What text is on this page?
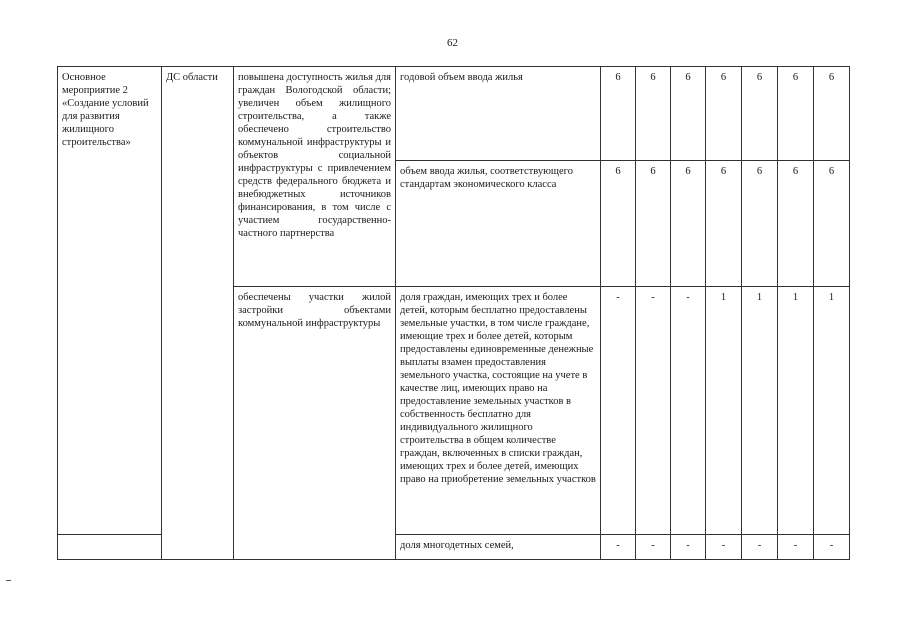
62
Основное мероприятие 2 «Создание условий для развития жилищного строительства»	ДС области	повышена доступность жилья для граждан Вологодской области; увеличен объем жилищного строительства, а также обеспечено строительство коммунальной инфраструктуры и объектов социальной инфраструктуры с привлечением средств федерального бюджета и внебюджетных источников финансирования, в том числе с участием государственно-частного партнерства	годовой объем ввода жилья	6	6	6	6	6	6	6
			объем ввода жилья, соответствующего стандартам экономического класса	6	6	6	6	6	6	6
		обеспечены участки жилой застройки объектами коммунальной инфраструктуры	доля граждан, имеющих трех и более детей, которым бесплатно предоставлены земельные участки, в том числе граждане, имеющие трех и более детей, которым предоставлены единовременные денежные выплаты взамен предоставления земельного участка, состоящие на учете в качестве лиц, имеющих право на предоставление земельных участков в собственность бесплатно для индивидуального жилищного строительства в общем количестве граждан, включенных в списки граждан, имеющих трех и более детей, имеющих право на приобретение земельных участков	-	-	-	1	1	1	1
			доля многодетных семей,	-	-	-	-	-	-	-
